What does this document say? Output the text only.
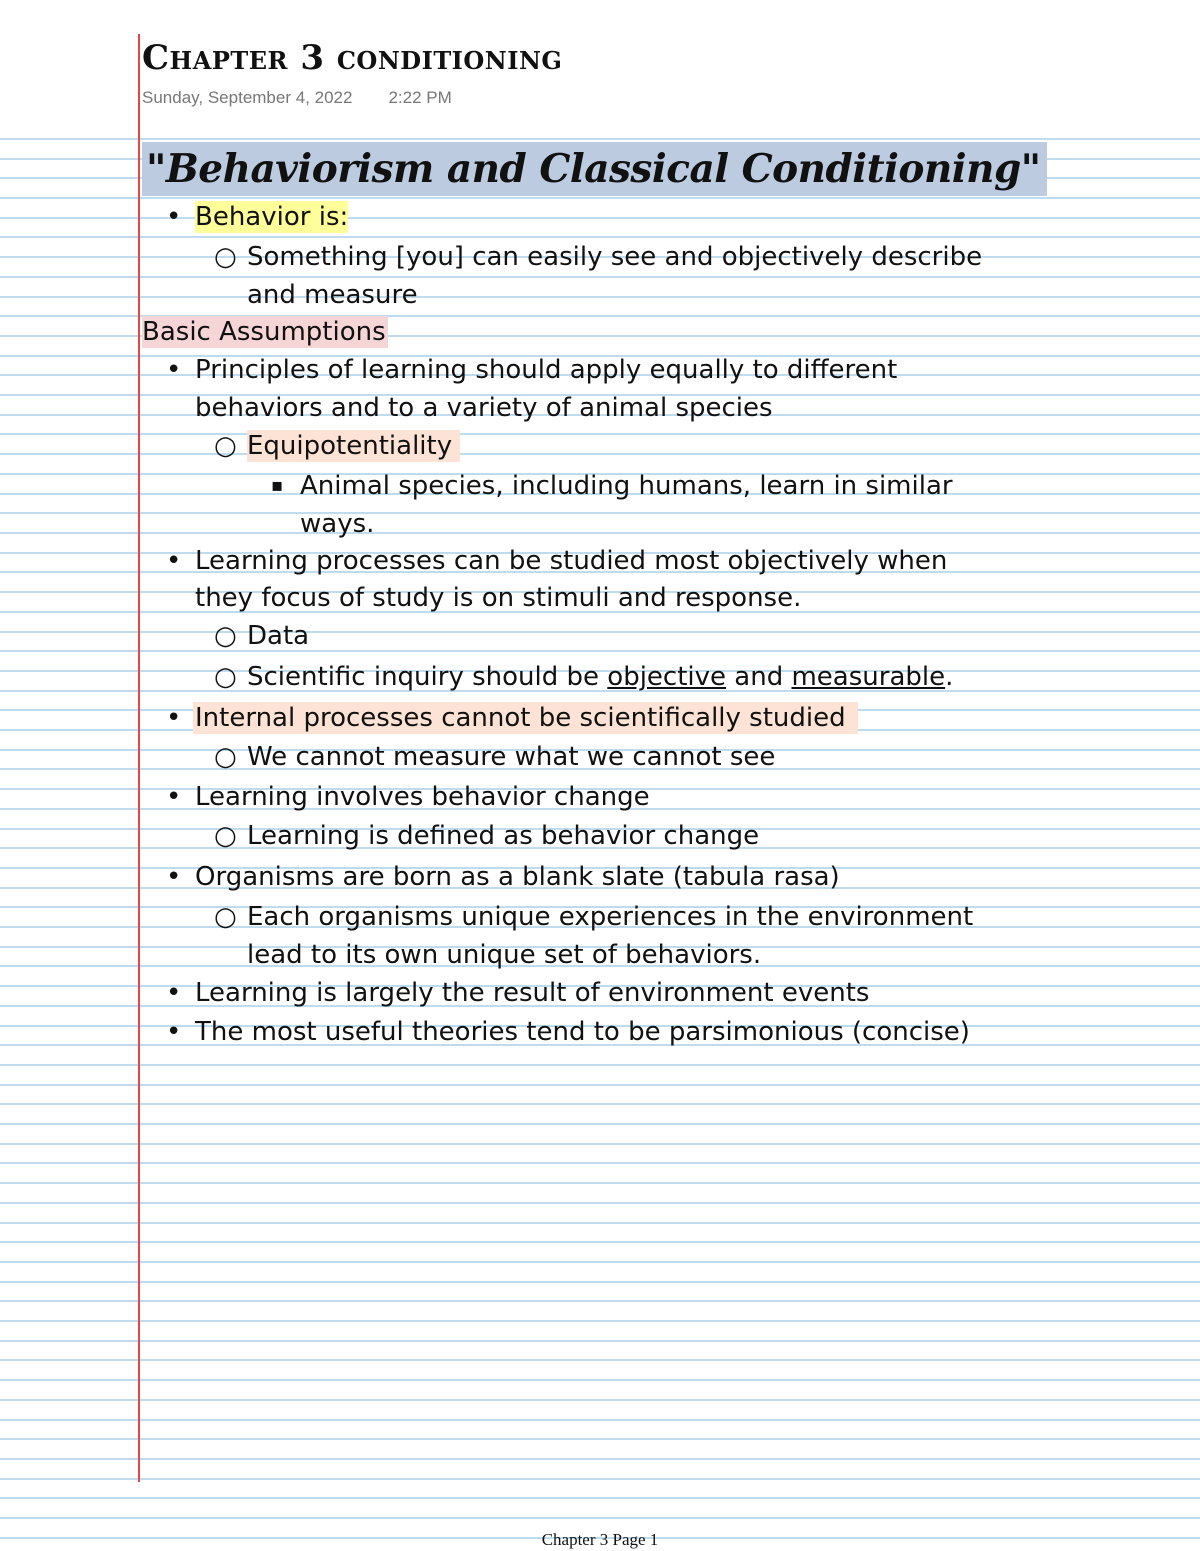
Chapter 3 conditioning
Sunday, September 4, 2022 2:22 PM
"Behaviorism and Classical Conditioning"
• Behavior is:
○ Something [you] can easily see and objectively describe
and measure
Basic Assumptions
• Principles of learning should apply equally to different
behaviors and to a variety of animal species
○ Equipotentiality
▪ Animal species, including humans, learn in similar
ways.
• Learning processes can be studied most objectively when
they focus of study is on stimuli and response.
○ Data
○ Scientific inquiry should be objective and measurable.
• Internal processes cannot be scientifically studied
○ We cannot measure what we cannot see
• Learning involves behavior change
○ Learning is defined as behavior change
• Organisms are born as a blank slate (tabula rasa)
○ Each organisms unique experiences in the environment
lead to its own unique set of behaviors.
• Learning is largely the result of environment events
• The most useful theories tend to be parsimonious (concise)
Chapter 3 Page 1
